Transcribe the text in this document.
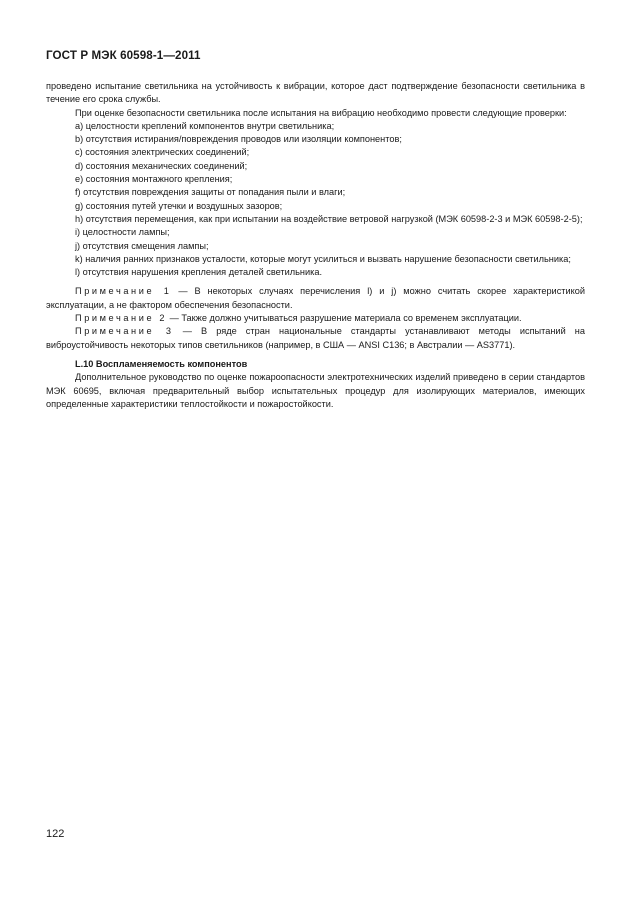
ГОСТ Р МЭК 60598-1—2011

проведено испытание светильника на устойчивость к вибрации, которое даст подтверждение безопасности светильника в течение его срока службы.

При оценке безопасности светильника после испытания на вибрацию необходимо провести следующие проверки:

a) целостности креплений компонентов внутри светильника;

b) отсутствия истирания/повреждения проводов или изоляции компонентов;

c) состояния электрических соединений;

d) состояния механических соединений;

e) состояния монтажного крепления;

f) отсутствия повреждения защиты от попадания пыли и влаги;

g) состояния путей утечки и воздушных зазоров;

h) отсутствия перемещения, как при испытании на воздействие ветровой нагрузкой (МЭК 60598-2-3 и МЭК 60598-2-5);

i) целостности лампы;

j) отсутствия смещения лампы;

k) наличия ранних признаков усталости, которые могут усилиться и вызвать нарушение безопасности светильника;

l) отсутствия нарушения крепления деталей светильника.

Примечание 1 — В некоторых случаях перечисления l) и j) можно считать скорее характеристикой эксплуатации, а не фактором обеспечения безопасности.

Примечание 2 — Также должно учитываться разрушение материала со временем эксплуатации.

Примечание 3 — В ряде стран национальные стандарты устанавливают методы испытаний на виброустойчивость некоторых типов светильников (например, в США — ANSI C136; в Австралии — AS3771).

L.10 Воспламеняемость компонентов

Дополнительное руководство по оценке пожароопасности электротехнических изделий приведено в серии стандартов МЭК 60695, включая предварительный выбор испытательных процедур для изолирующих материалов, имеющих определенные характеристики теплостойкости и пожаростойкости.

122
